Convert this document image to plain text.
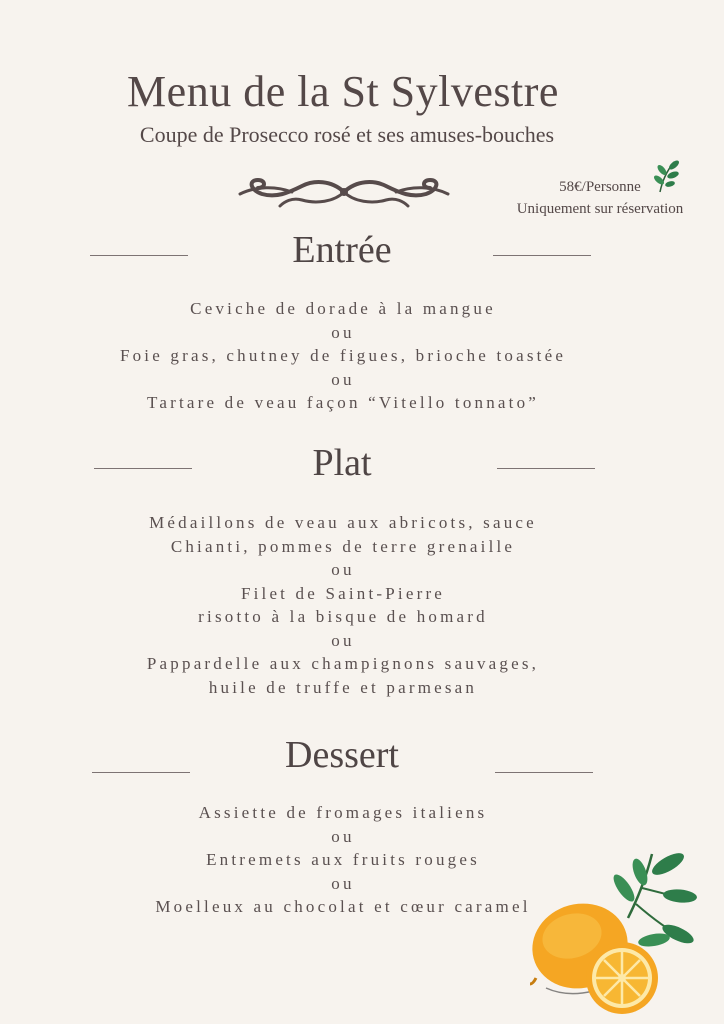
Menu de la St Sylvestre
Coupe de Prosecco rosé et ses amuses-bouches
58€/Personne
Uniquement sur réservation
Entrée
Ceviche de dorade à la mangue
ou
Foie gras, chutney de figues, brioche toastée
ou
Tartare de veau façon “Vitello tonnato”
Plat
Médaillons de veau aux abricots, sauce
Chianti, pommes de terre grenaille
ou
Filet de Saint-Pierre
risotto à la bisque de homard
ou
Pappardelle aux champignons sauvages,
huile de truffe et parmesan
Dessert
Assiette de fromages italiens
ou
Entremets aux fruits rouges
ou
Moelleux au chocolat et cœur caramel
